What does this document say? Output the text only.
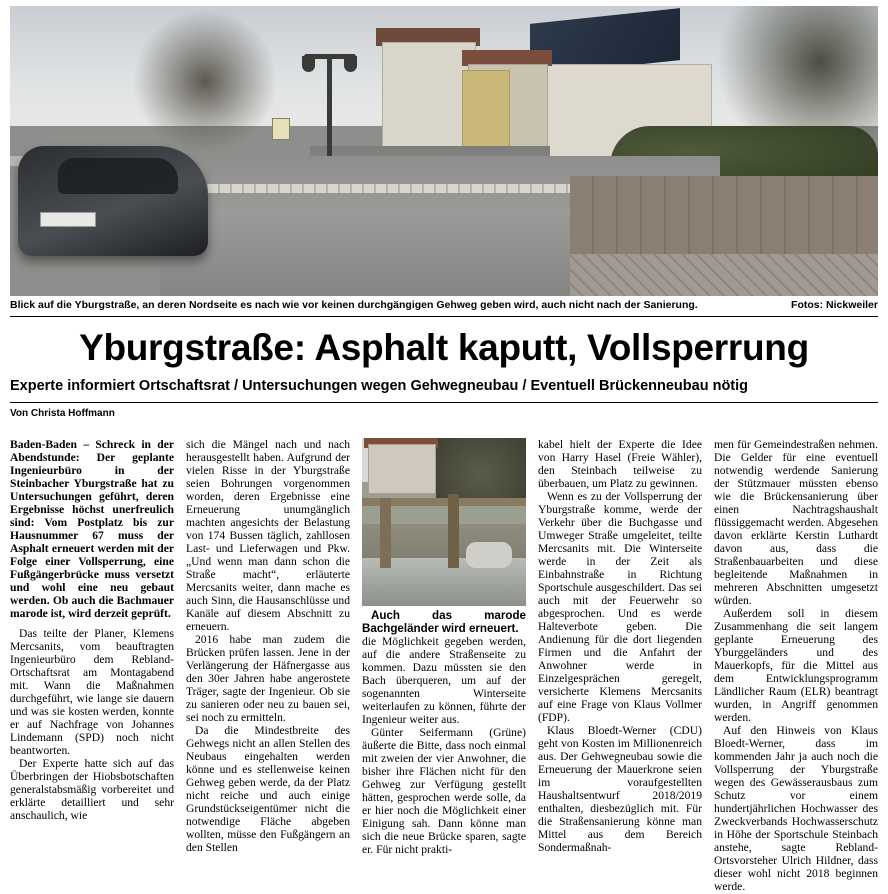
Blick auf die Yburgstraße, an deren Nordseite es nach wie vor keinen durchgängigen Gehweg geben wird, auch nicht nach der Sanierung.	Fotos: Nickweiler
Yburgstraße: Asphalt kaputt, Vollsperrung
Experte informiert Ortschaftsrat / Untersuchungen wegen Gehwegneubau / Eventuell Brückenneubau nötig
Von Christa Hoffmann

Baden-Baden – Schreck in der Abendstunde: Der geplante Ingenieurbüro in der Steinbacher Yburgstraße hat zu Untersuchungen geführt, deren Ergebnisse höchst unerfreulich sind: Vom Postplatz bis zur Hausnummer 67 muss der Asphalt erneuert werden mit der Folge einer Vollsperrung, eine Fußgängerbrücke muss versetzt und wohl eine neu gebaut werden. Ob auch die Bachmauer marode ist, wird derzeit geprüft.

Das teilte der Planer, Klemens Mercsanits, vom beauftragten Ingenieurbüro dem Rebland-Ortschaftsrat am Montagabend mit. Wann die Maßnahmen durchgeführt, wie lange sie dauern und was sie kosten werden, konnte er auf Nachfrage von Johannes Lindemann (SPD) noch nicht beantworten.

Der Experte hatte sich auf das Überbringen der Hiobsbotschaften generalstabsmäßig vorbereitet und erklärte detailliert und sehr anschaulich, wie

sich die Mängel nach und nach herausgestellt haben. Aufgrund der vielen Risse in der Yburgstraße seien Bohrungen vorgenommen worden, deren Ergebnisse eine Erneuerung unumgänglich machten angesichts der Belastung von 174 Bussen täglich, zahllosen Last- und Lieferwagen und Pkw. „Und wenn man dann schon die Straße macht“, erläuterte Mercsanits weiter, dann mache es auch Sinn, die Hausanschlüsse und Kanäle auf diesem Abschnitt zu erneuern.

2016 habe man zudem die Brücken prüfen lassen. Jene in der Verlängerung der Häfnergasse aus den 30er Jahren habe angerostete Träger, sagte der Ingenieur. Ob sie zu sanieren oder neu zu bauen sei, sei noch zu ermitteln.

Da die Mindestbreite des Gehwegs nicht an allen Stellen des Neubaus eingehalten werden könne und es stellenweise keinen Gehweg geben werde, da der Platz nicht reiche und auch einige Grundstückseigentümer nicht die notwendige Fläche abgeben wollten, müsse den Fußgängern an den Stellen

Auch das marode Bachgeländer wird erneuert.

die Möglichkeit gegeben werden, auf die andere Straßenseite zu kommen. Dazu müssten sie den Bach überqueren, um auf der sogenannten Winterseite weiterlaufen zu können, führte der Ingenieur weiter aus.

Günter Seifermann (Grüne) äußerte die Bitte, dass noch einmal mit zweien der vier Anwohner, die bisher ihre Flächen nicht für den Gehweg zur Verfügung gestellt hätten, gesprochen werde solle, da er hier noch die Möglichkeit einer Einigung sah. Dann könne man sich die neue Brücke sparen, sagte er. Für nicht prakti-

kabel hielt der Experte die Idee von Harry Hasel (Freie Wähler), den Steinbach teilweise zu überbauen, um Platz zu gewinnen.

Wenn es zu der Vollsperrung der Yburgstraße komme, werde der Verkehr über die Buchgasse und Umweger Straße umgeleitet, teilte Mercsanits mit. Die Winterseite werde in der Zeit als Einbahnstraße in Richtung Sportschule ausgeschildert. Das sei auch mit der Feuerwehr so abgesprochen. Und es werde Halteverbote geben. Die Andienung für die dort liegenden Firmen und die Anfahrt der Anwohner werde in Einzelgesprächen geregelt, versicherte Klemens Mercsanits auf eine Frage von Klaus Vollmer (FDP).

Klaus Bloedt-Werner (CDU) geht von Kosten im Millionenreich aus. Der Gehwegneubau sowie die Erneuerung der Mauerkrone seien im voraufgestellten Haushaltsentwurf 2018/2019 enthalten, diesbezüglich mit. Für die Straßensanierung könne man Mittel aus dem Bereich Sondermaßnah-

men für Gemeindestraßen nehmen. Die Gelder für eine eventuell notwendig werdende Sanierung der Stützmauer müssten ebenso wie die Brückensanierung über einen Nachtragshaushalt flüssiggemacht werden. Abgesehen davon erklärte Kerstin Luthardt davon aus, dass die Straßenbauarbeiten und diese begleitende Maßnahmen in mehreren Abschnitten umgesetzt würden.

Außerdem soll in diesem Zusammenhang die seit langem geplante Erneuerung des Yburggeländers und des Mauerkopfs, für die Mittel aus dem Entwicklungsprogramm Ländlicher Raum (ELR) beantragt wurden, in Angriff genommen werden.

Auf den Hinweis von Klaus Bloedt-Werner, dass im kommenden Jahr ja auch noch die Vollsperrung der Yburgstraße wegen des Gewässerausbaus zum Schutz vor einem hundertjährlichen Hochwasser des Zweckverbands Hochwasserschutz in Höhe der Sportschule Steinbach anstehe, sagte Rebland-Ortsvorsteher Ulrich Hildner, dass dieser wohl nicht 2018 beginnen werde.
